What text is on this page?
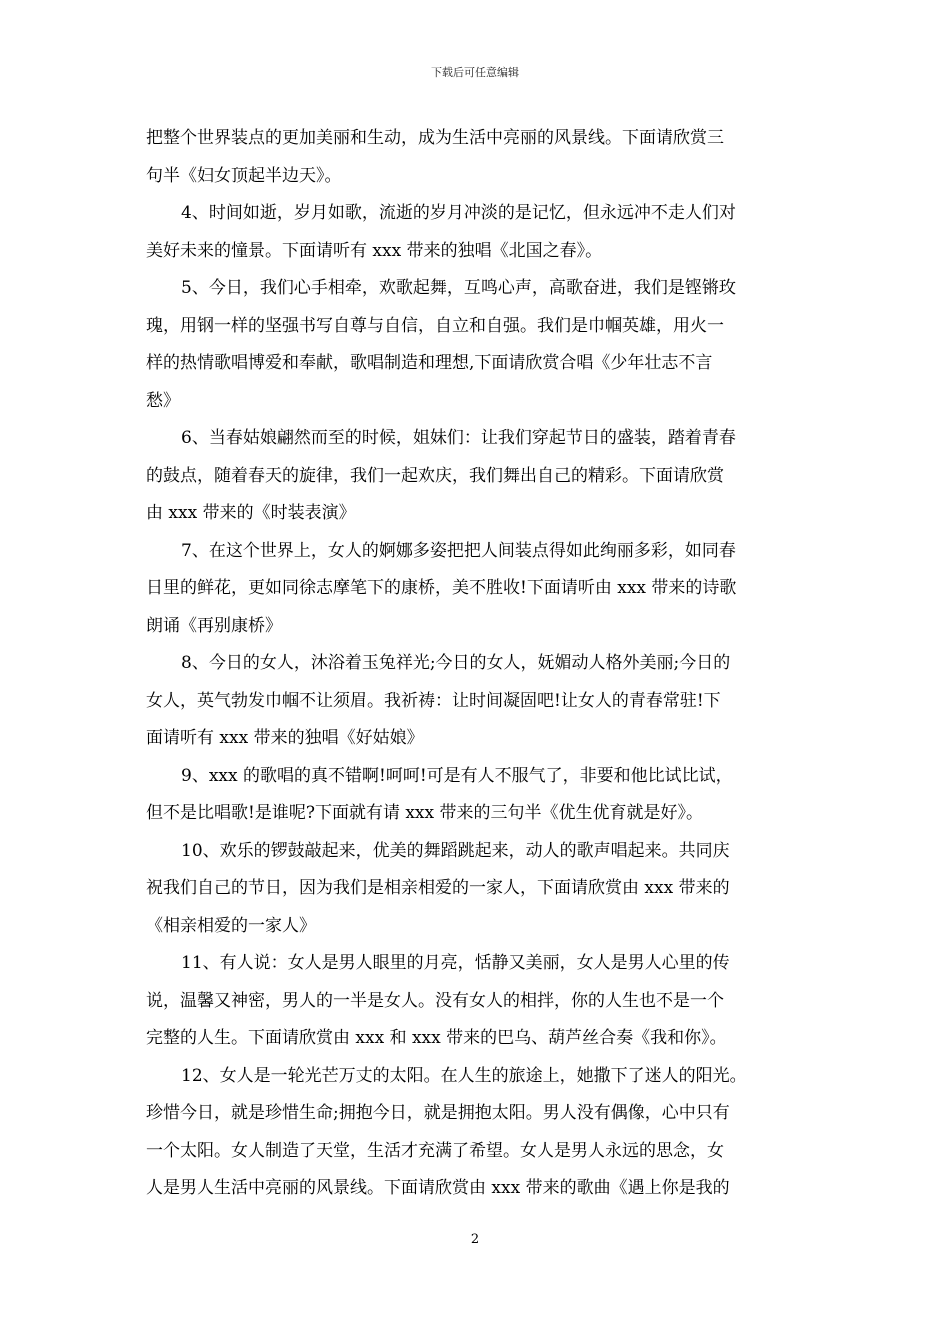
下载后可任意编辑

把整个世界装点的更加美丽和生动，成为生活中亮丽的风景线。下面请欣赏三
句半《妇女顶起半边天》。

4、时间如逝，岁月如歌，流逝的岁月冲淡的是记忆，但永远冲不走人们对
美好未来的憧景。下面请听有 xxx 带来的独唱《北国之春》。

5、今日，我们心手相牵，欢歌起舞，互鸣心声，高歌奋进，我们是铿锵玫
瑰，用钢一样的坚强书写自尊与自信，自立和自强。我们是巾帼英雄，用火一
样的热情歌唱博爱和奉献，歌唱制造和理想,下面请欣赏合唱《少年壮志不言
愁》

6、当春姑娘翩然而至的时候，姐妹们：让我们穿起节日的盛装，踏着青春
的鼓点，随着春天的旋律，我们一起欢庆，我们舞出自己的精彩。下面请欣赏
由 xxx 带来的《时装表演》

7、在这个世界上，女人的婀娜多姿把把人间装点得如此绚丽多彩，如同春
日里的鲜花，更如同徐志摩笔下的康桥，美不胜收!下面请听由 xxx 带来的诗歌
朗诵《再别康桥》

8、今日的女人，沐浴着玉兔祥光;今日的女人，妩媚动人格外美丽;今日的
女人，英气勃发巾帼不让须眉。我祈祷：让时间凝固吧!让女人的青春常驻!下
面请听有 xxx 带来的独唱《好姑娘》

9、xxx 的歌唱的真不错啊!呵呵!可是有人不服气了，非要和他比试比试，
但不是比唱歌!是谁呢?下面就有请 xxx 带来的三句半《优生优育就是好》。

10、欢乐的锣鼓敲起来，优美的舞蹈跳起来，动人的歌声唱起来。共同庆
祝我们自己的节日，因为我们是相亲相爱的一家人，下面请欣赏由 xxx 带来的
《相亲相爱的一家人》

11、有人说：女人是男人眼里的月亮，恬静又美丽，女人是男人心里的传
说，温馨又神密，男人的一半是女人。没有女人的相拌，你的人生也不是一个
完整的人生。下面请欣赏由 xxx 和 xxx 带来的巴乌、葫芦丝合奏《我和你》。

12、女人是一轮光芒万丈的太阳。在人生的旅途上，她撒下了迷人的阳光。
珍惜今日，就是珍惜生命;拥抱今日，就是拥抱太阳。男人没有偶像，心中只有
一个太阳。女人制造了天堂，生活才充满了希望。女人是男人永远的思念，女
人是男人生活中亮丽的风景线。下面请欣赏由 xxx 带来的歌曲《遇上你是我的

2
